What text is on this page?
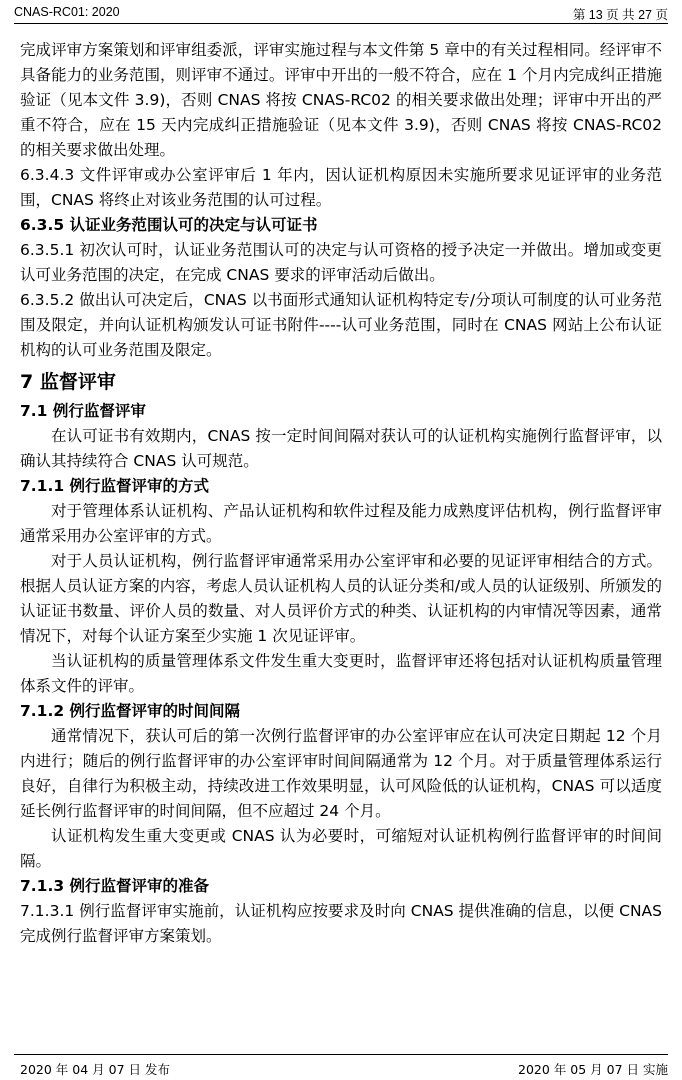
CNAS-RC01: 2020	第 13 页 共 27 页

完成评审方案策划和评审组委派，评审实施过程与本文件第 5 章中的有关过程相同。经评审不具备能力的业务范围，则评审不通过。评审中开出的一般不符合，应在 1 个月内完成纠正措施验证（见本文件 3.9)，否则 CNAS 将按 CNAS-RC02 的相关要求做出处理；评审中开出的严重不符合，应在 15 天内完成纠正措施验证（见本文件 3.9)，否则 CNAS 将按 CNAS-RC02 的相关要求做出处理。

6.3.4.3 文件评审或办公室评审后 1 年内，因认证机构原因未实施所要求见证评审的业务范围，CNAS 将终止对该业务范围的认可过程。

6.3.5 认证业务范围认可的决定与认可证书

6.3.5.1 初次认可时，认证业务范围认可的决定与认可资格的授予决定一并做出。增加或变更认可业务范围的决定，在完成 CNAS 要求的评审活动后做出。

6.3.5.2 做出认可决定后，CNAS 以书面形式通知认证机构特定专/分项认可制度的认可业务范围及限定，并向认证机构颁发认可证书附件----认可业务范围，同时在 CNAS 网站上公布认证机构的认可业务范围及限定。

7 监督评审
7.1 例行监督评审

在认可证书有效期内，CNAS 按一定时间间隔对获认可的认证机构实施例行监督评审，以确认其持续符合 CNAS 认可规范。

7.1.1 例行监督评审的方式

对于管理体系认证机构、产品认证机构和软件过程及能力成熟度评估机构，例行监督评审通常采用办公室评审的方式。

对于人员认证机构，例行监督评审通常采用办公室评审和必要的见证评审相结合的方式。根据人员认证方案的内容，考虑人员认证机构人员的认证分类和/或人员的认证级别、所颁发的认证证书数量、评价人员的数量、对人员评价方式的种类、认证机构的内审情况等因素，通常情况下，对每个认证方案至少实施 1 次见证评审。

当认证机构的质量管理体系文件发生重大变更时，监督评审还将包括对认证机构质量管理体系文件的评审。

7.1.2 例行监督评审的时间间隔

通常情况下，获认可后的第一次例行监督评审的办公室评审应在认可决定日期起 12 个月内进行；随后的例行监督评审的办公室评审时间间隔通常为 12 个月。对于质量管理体系运行良好，自律行为积极主动，持续改进工作效果明显，认可风险低的认证机构，CNAS 可以适度延长例行监督评审的时间间隔，但不应超过 24 个月。

认证机构发生重大变更或 CNAS 认为必要时，可缩短对认证机构例行监督评审的时间间隔。

7.1.3 例行监督评审的准备

7.1.3.1 例行监督评审实施前，认证机构应按要求及时向 CNAS 提供准确的信息，以便 CNAS 完成例行监督评审方案策划。

2020 年 04 月 07 日 发布	2020 年 05 月 07 日 实施
